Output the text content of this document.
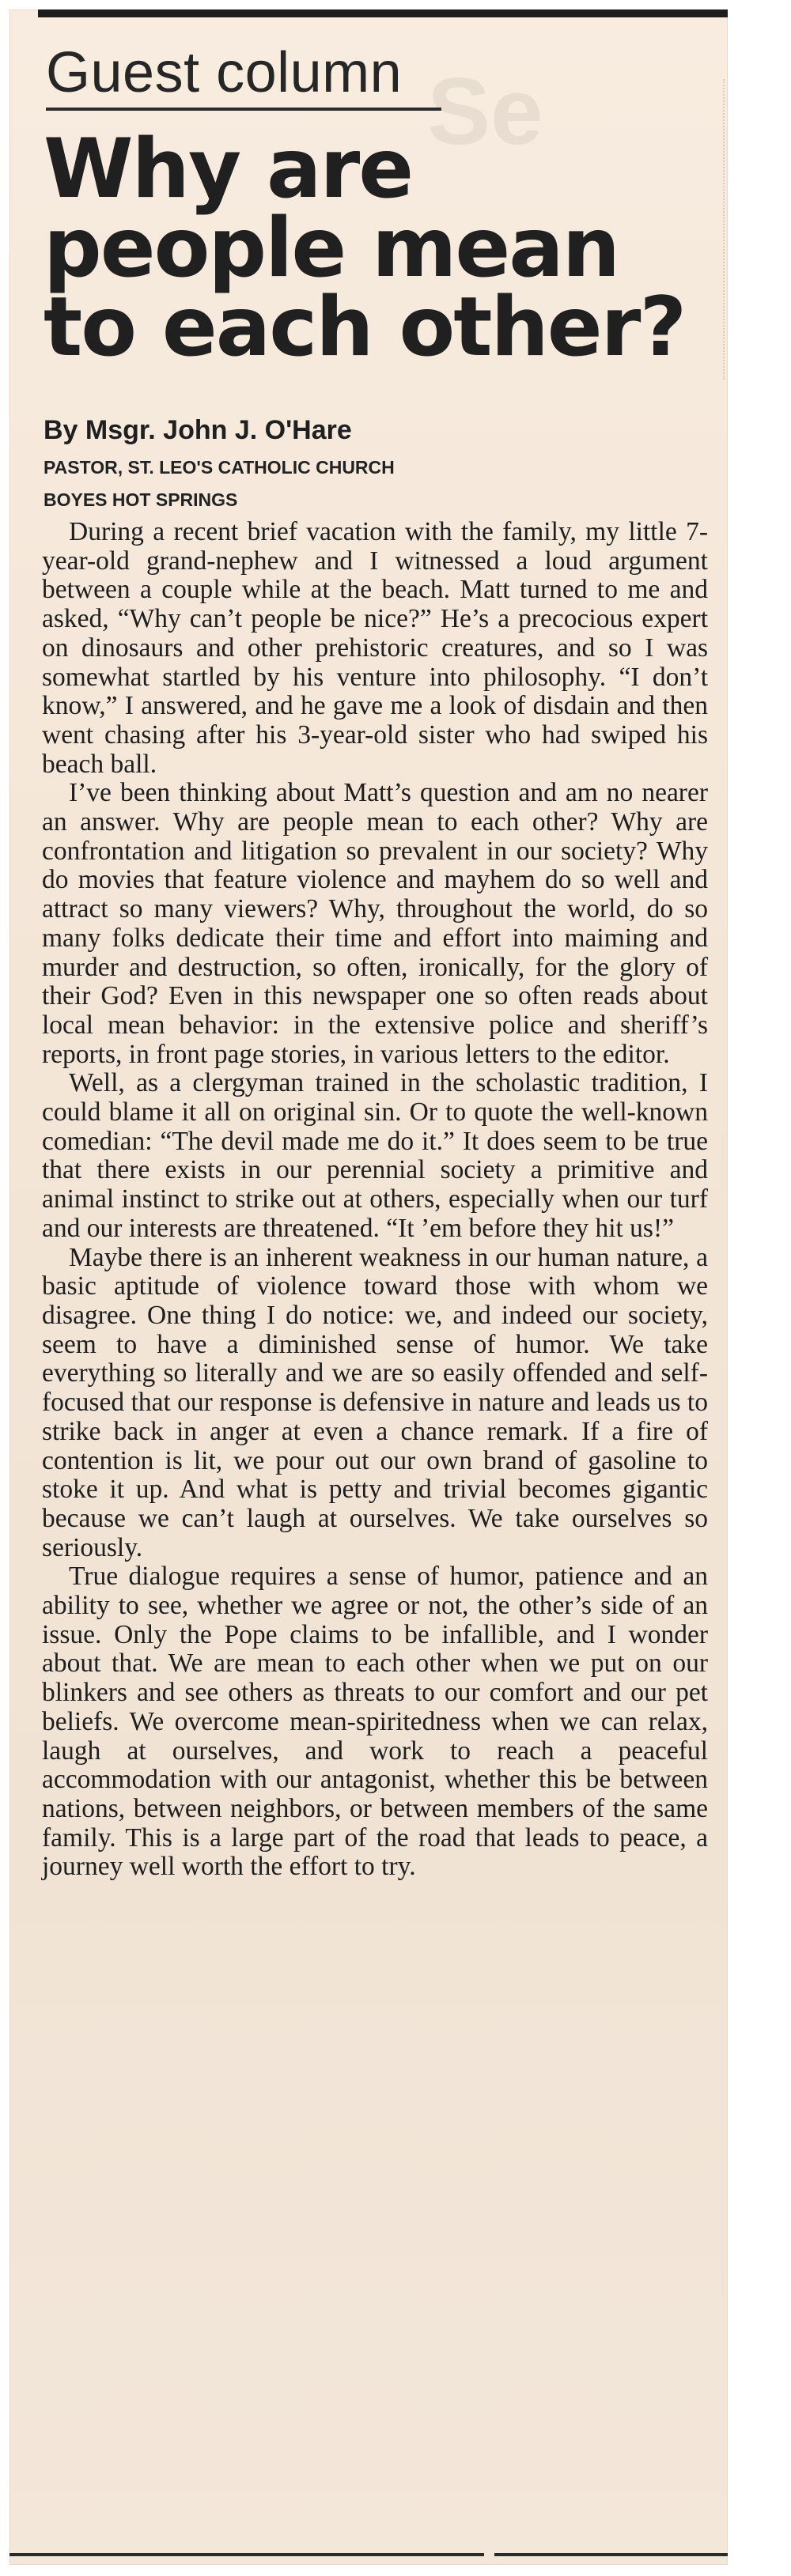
Guest column
Why are
people mean
to each other?
By Msgr. John J. O'Hare
PASTOR, ST. LEO'S CATHOLIC CHURCH
BOYES HOT SPRINGS

During a recent brief vacation with the family, my little 7-year-old grand-nephew and I witnessed a loud argument between a couple while at the beach. Matt turned to me and asked, “Why can’t people be nice?” He’s a precocious expert on dinosaurs and other prehistoric creatures, and so I was somewhat startled by his venture into philosophy. “I don’t know,” I answered, and he gave me a look of disdain and then went chasing after his 3-year-old sister who had swiped his beach ball.

I’ve been thinking about Matt’s question and am no nearer an answer. Why are people mean to each other? Why are confrontation and litigation so prevalent in our society? Why do movies that feature violence and mayhem do so well and attract so many viewers? Why, throughout the world, do so many folks dedicate their time and effort into maiming and murder and destruction, so often, ironically, for the glory of their God? Even in this newspaper one so often reads about local mean behavior: in the extensive police and sheriff’s reports, in front page stories, in various letters to the editor.

Well, as a clergyman trained in the scholastic tradition, I could blame it all on original sin. Or to quote the well-known comedian: “The devil made me do it.” It does seem to be true that there exists in our perennial society a primitive and animal instinct to strike out at others, especially when our turf and our interests are threatened. “It ’em before they hit us!”

Maybe there is an inherent weakness in our human nature, a basic aptitude of violence toward those with whom we disagree. One thing I do notice: we, and indeed our society, seem to have a diminished sense of humor. We take everything so literally and we are so easily offended and self-focused that our response is defensive in nature and leads us to strike back in anger at even a chance remark. If a fire of contention is lit, we pour out our own brand of gasoline to stoke it up. And what is petty and trivial becomes gigantic because we can’t laugh at ourselves. We take ourselves so seriously.

True dialogue requires a sense of humor, patience and an ability to see, whether we agree or not, the other’s side of an issue. Only the Pope claims to be infallible, and I wonder about that. We are mean to each other when we put on our blinkers and see others as threats to our comfort and our pet beliefs. We overcome mean-spiritedness when we can relax, laugh at ourselves, and work to reach a peaceful accommodation with our antagonist, whether this be between nations, between neighbors, or between members of the same family. This is a large part of the road that leads to peace, a journey well worth the effort to try.
